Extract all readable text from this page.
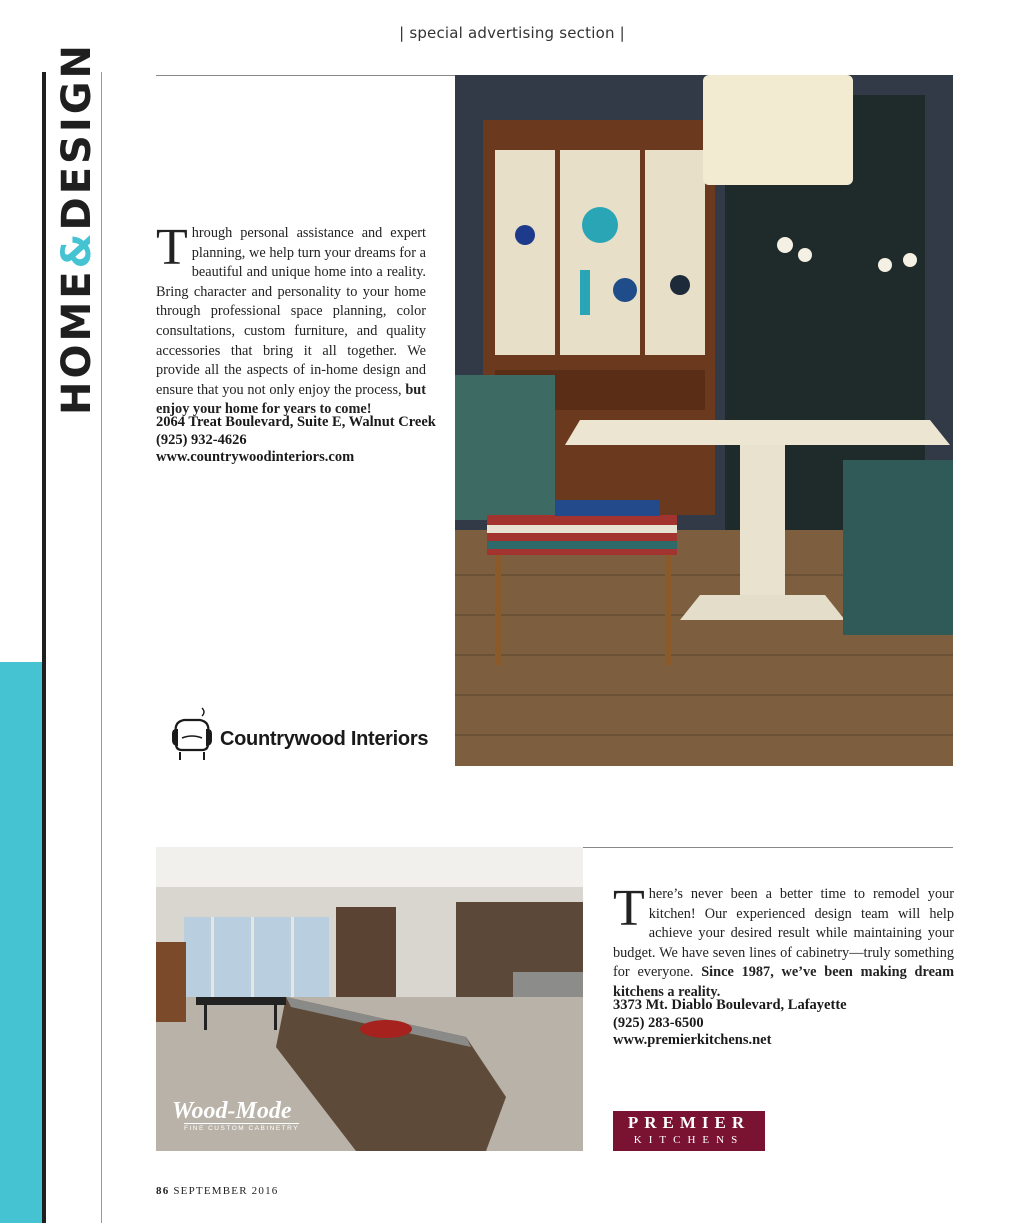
| special advertising section |
HOME&DESIGN
Through personal assistance and expert planning, we help turn your dreams for a beautiful and unique home into a reality. Bring character and personality to your home through professional space planning, color consultations, custom furniture, and quality accessories that bring it all together. We provide all the aspects of in-home design and ensure that you not only enjoy the process, but enjoy your home for years to come!
2064 Treat Boulevard, Suite E, Walnut Creek
(925) 932-4626
www.countrywoodinteriors.com
Countrywood Interiors
Wood-Mode
FINE CUSTOM CABINETRY
There’s never been a better time to remodel your kitchen! Our experienced design team will help achieve your desired result while maintaining your budget. We have seven lines of cabinetry—truly something for everyone. Since 1987, we’ve been making dream kitchens a reality.
3373 Mt. Diablo Boulevard, Lafayette
(925) 283-6500
www.premierkitchens.net
PREMIER
KITCHENS
86 SEPTEMBER 2016
